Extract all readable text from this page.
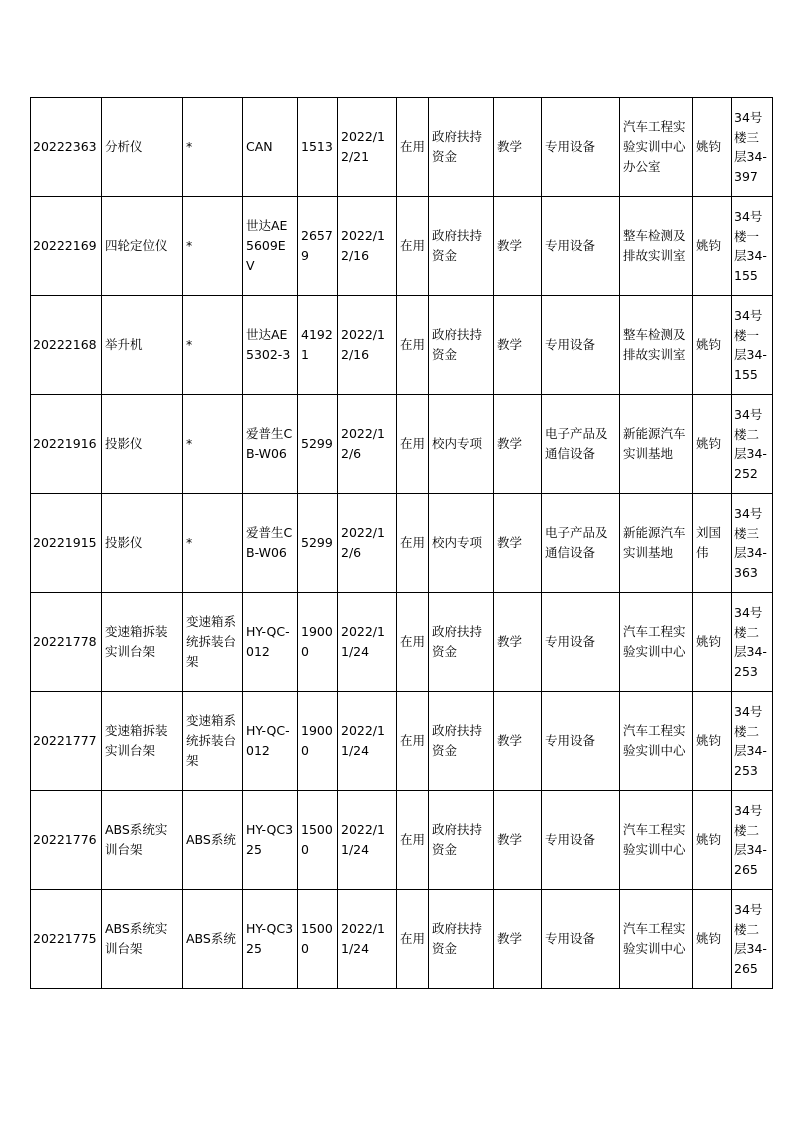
20222363	分析仪	*	CAN	1513	2022/12/21	在用	政府扶持资金	教学	专用设备	汽车工程实验实训中心办公室	姚钧	34号楼三层34-397
20222169	四轮定位仪	*	世达AE5609EV	26579	2022/12/16	在用	政府扶持资金	教学	专用设备	整车检测及排故实训室	姚钧	34号楼一层34-155
20222168	举升机	*	世达AE5302-3	41921	2022/12/16	在用	政府扶持资金	教学	专用设备	整车检测及排故实训室	姚钧	34号楼一层34-155
20221916	投影仪	*	爱普生CB-W06	5299	2022/12/6	在用	校内专项	教学	电子产品及通信设备	新能源汽车实训基地	姚钧	34号楼二层34-252
20221915	投影仪	*	爱普生CB-W06	5299	2022/12/6	在用	校内专项	教学	电子产品及通信设备	新能源汽车实训基地	刘国伟	34号楼三层34-363
20221778	变速箱拆装实训台架	变速箱系统拆装台架	HY-QC-012	19000	2022/11/24	在用	政府扶持资金	教学	专用设备	汽车工程实验实训中心	姚钧	34号楼二层34-253
20221777	变速箱拆装实训台架	变速箱系统拆装台架	HY-QC-012	19000	2022/11/24	在用	政府扶持资金	教学	专用设备	汽车工程实验实训中心	姚钧	34号楼二层34-253
20221776	ABS系统实训台架	ABS系统	HY-QC325	15000	2022/11/24	在用	政府扶持资金	教学	专用设备	汽车工程实验实训中心	姚钧	34号楼二层34-265
20221775	ABS系统实训台架	ABS系统	HY-QC325	15000	2022/11/24	在用	政府扶持资金	教学	专用设备	汽车工程实验实训中心	姚钧	34号楼二层34-265
